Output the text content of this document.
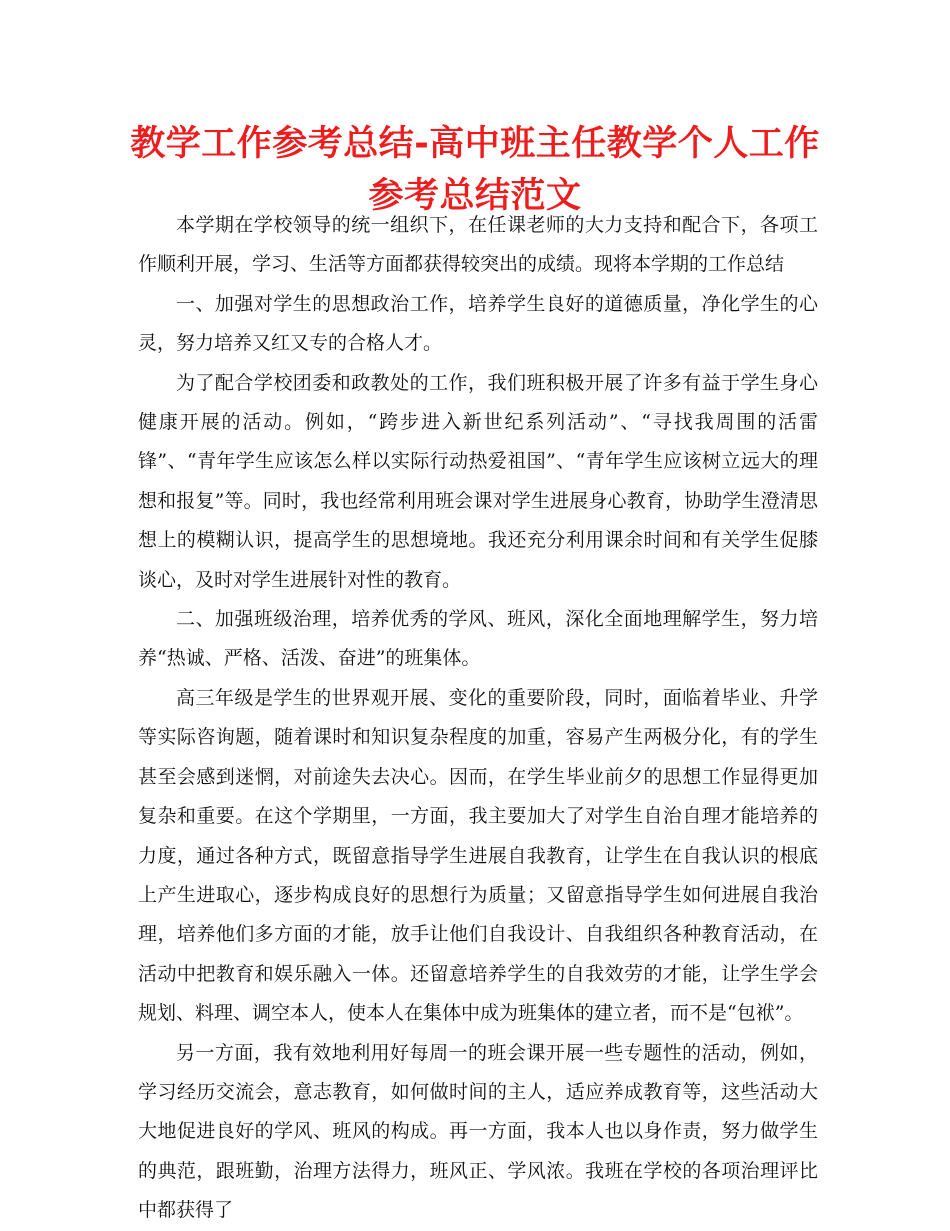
教学工作参考总结-高中班主任教学个人工作参考总结范文

本学期在学校领导的统一组织下，在任课老师的大力支持和配合下，各项工作顺利开展，学习、生活等方面都获得较突出的成绩。现将本学期的工作总结

一、加强对学生的思想政治工作，培养学生良好的道德质量，净化学生的心灵，努力培养又红又专的合格人才。

为了配合学校团委和政教处的工作，我们班积极开展了许多有益于学生身心健康开展的活动。例如，“跨步进入新世纪系列活动”、“寻找我周围的活雷锋”、“青年学生应该怎么样以实际行动热爱祖国”、“青年学生应该树立远大的理想和报复”等。同时，我也经常利用班会课对学生进展身心教育，协助学生澄清思想上的模糊认识，提高学生的思想境地。我还充分利用课余时间和有关学生促膝谈心，及时对学生进展针对性的教育。

二、加强班级治理，培养优秀的学风、班风，深化全面地理解学生，努力培养“热诚、严格、活泼、奋进”的班集体。

高三年级是学生的世界观开展、变化的重要阶段，同时，面临着毕业、升学等实际咨询题，随着课时和知识复杂程度的加重，容易产生两极分化，有的学生甚至会感到迷惘，对前途失去决心。因而，在学生毕业前夕的思想工作显得更加复杂和重要。在这个学期里，一方面，我主要加大了对学生自治自理才能培养的力度，通过各种方式，既留意指导学生进展自我教育，让学生在自我认识的根底上产生进取心，逐步构成良好的思想行为质量；又留意指导学生如何进展自我治理，培养他们多方面的才能，放手让他们自我设计、自我组织各种教育活动，在活动中把教育和娱乐融入一体。还留意培养学生的自我效劳的才能，让学生学会规划、料理、调空本人，使本人在集体中成为班集体的建立者，而不是“包袱”。

另一方面，我有效地利用好每周一的班会课开展一些专题性的活动，例如，学习经历交流会，意志教育，如何做时间的主人，适应养成教育等，这些活动大大地促进良好的学风、班风的构成。再一方面，我本人也以身作责，努力做学生的典范，跟班勤，治理方法得力，班风正、学风浓。我班在学校的各项治理评比中都获得了
